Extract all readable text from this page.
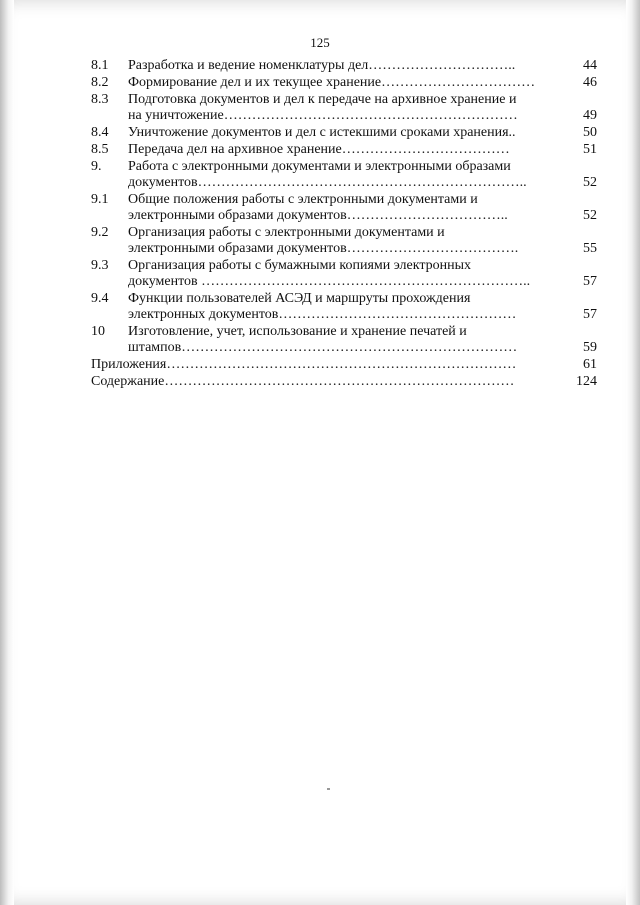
125
8.1	Разработка и ведение номенклатуры дел…………………………..	44
8.2	Формирование дел и их текущее хранение……………………………	46
8.3	Подготовка документов и дел к передаче на архивное хранение и
на уничтожение………………………………………………………	49
8.4	Уничтожение документов и дел с истекшими сроками хранения..	50
8.5	Передача дел на архивное хранение………………………………	51
9.	Работа с электронными документами и электронными образами
документов……………………………………………………………..	52
9.1	Общие положения работы с электронными документами и
электронными образами документов……………………………..	52
9.2	Организация работы с электронными документами и
электронными образами документов……………………………….	55
9.3	Организация работы с бумажными копиями электронных
документов ……………………………………………………………..	57
9.4	Функции пользователей АСЭД и маршруты прохождения
электронных документов……………………………………………	57
10	Изготовление, учет, использование и хранение печатей и
штампов………………………………………………………………	59
Приложения…………………………………………………………………	61
Содержание…………………………………………………………………	124
